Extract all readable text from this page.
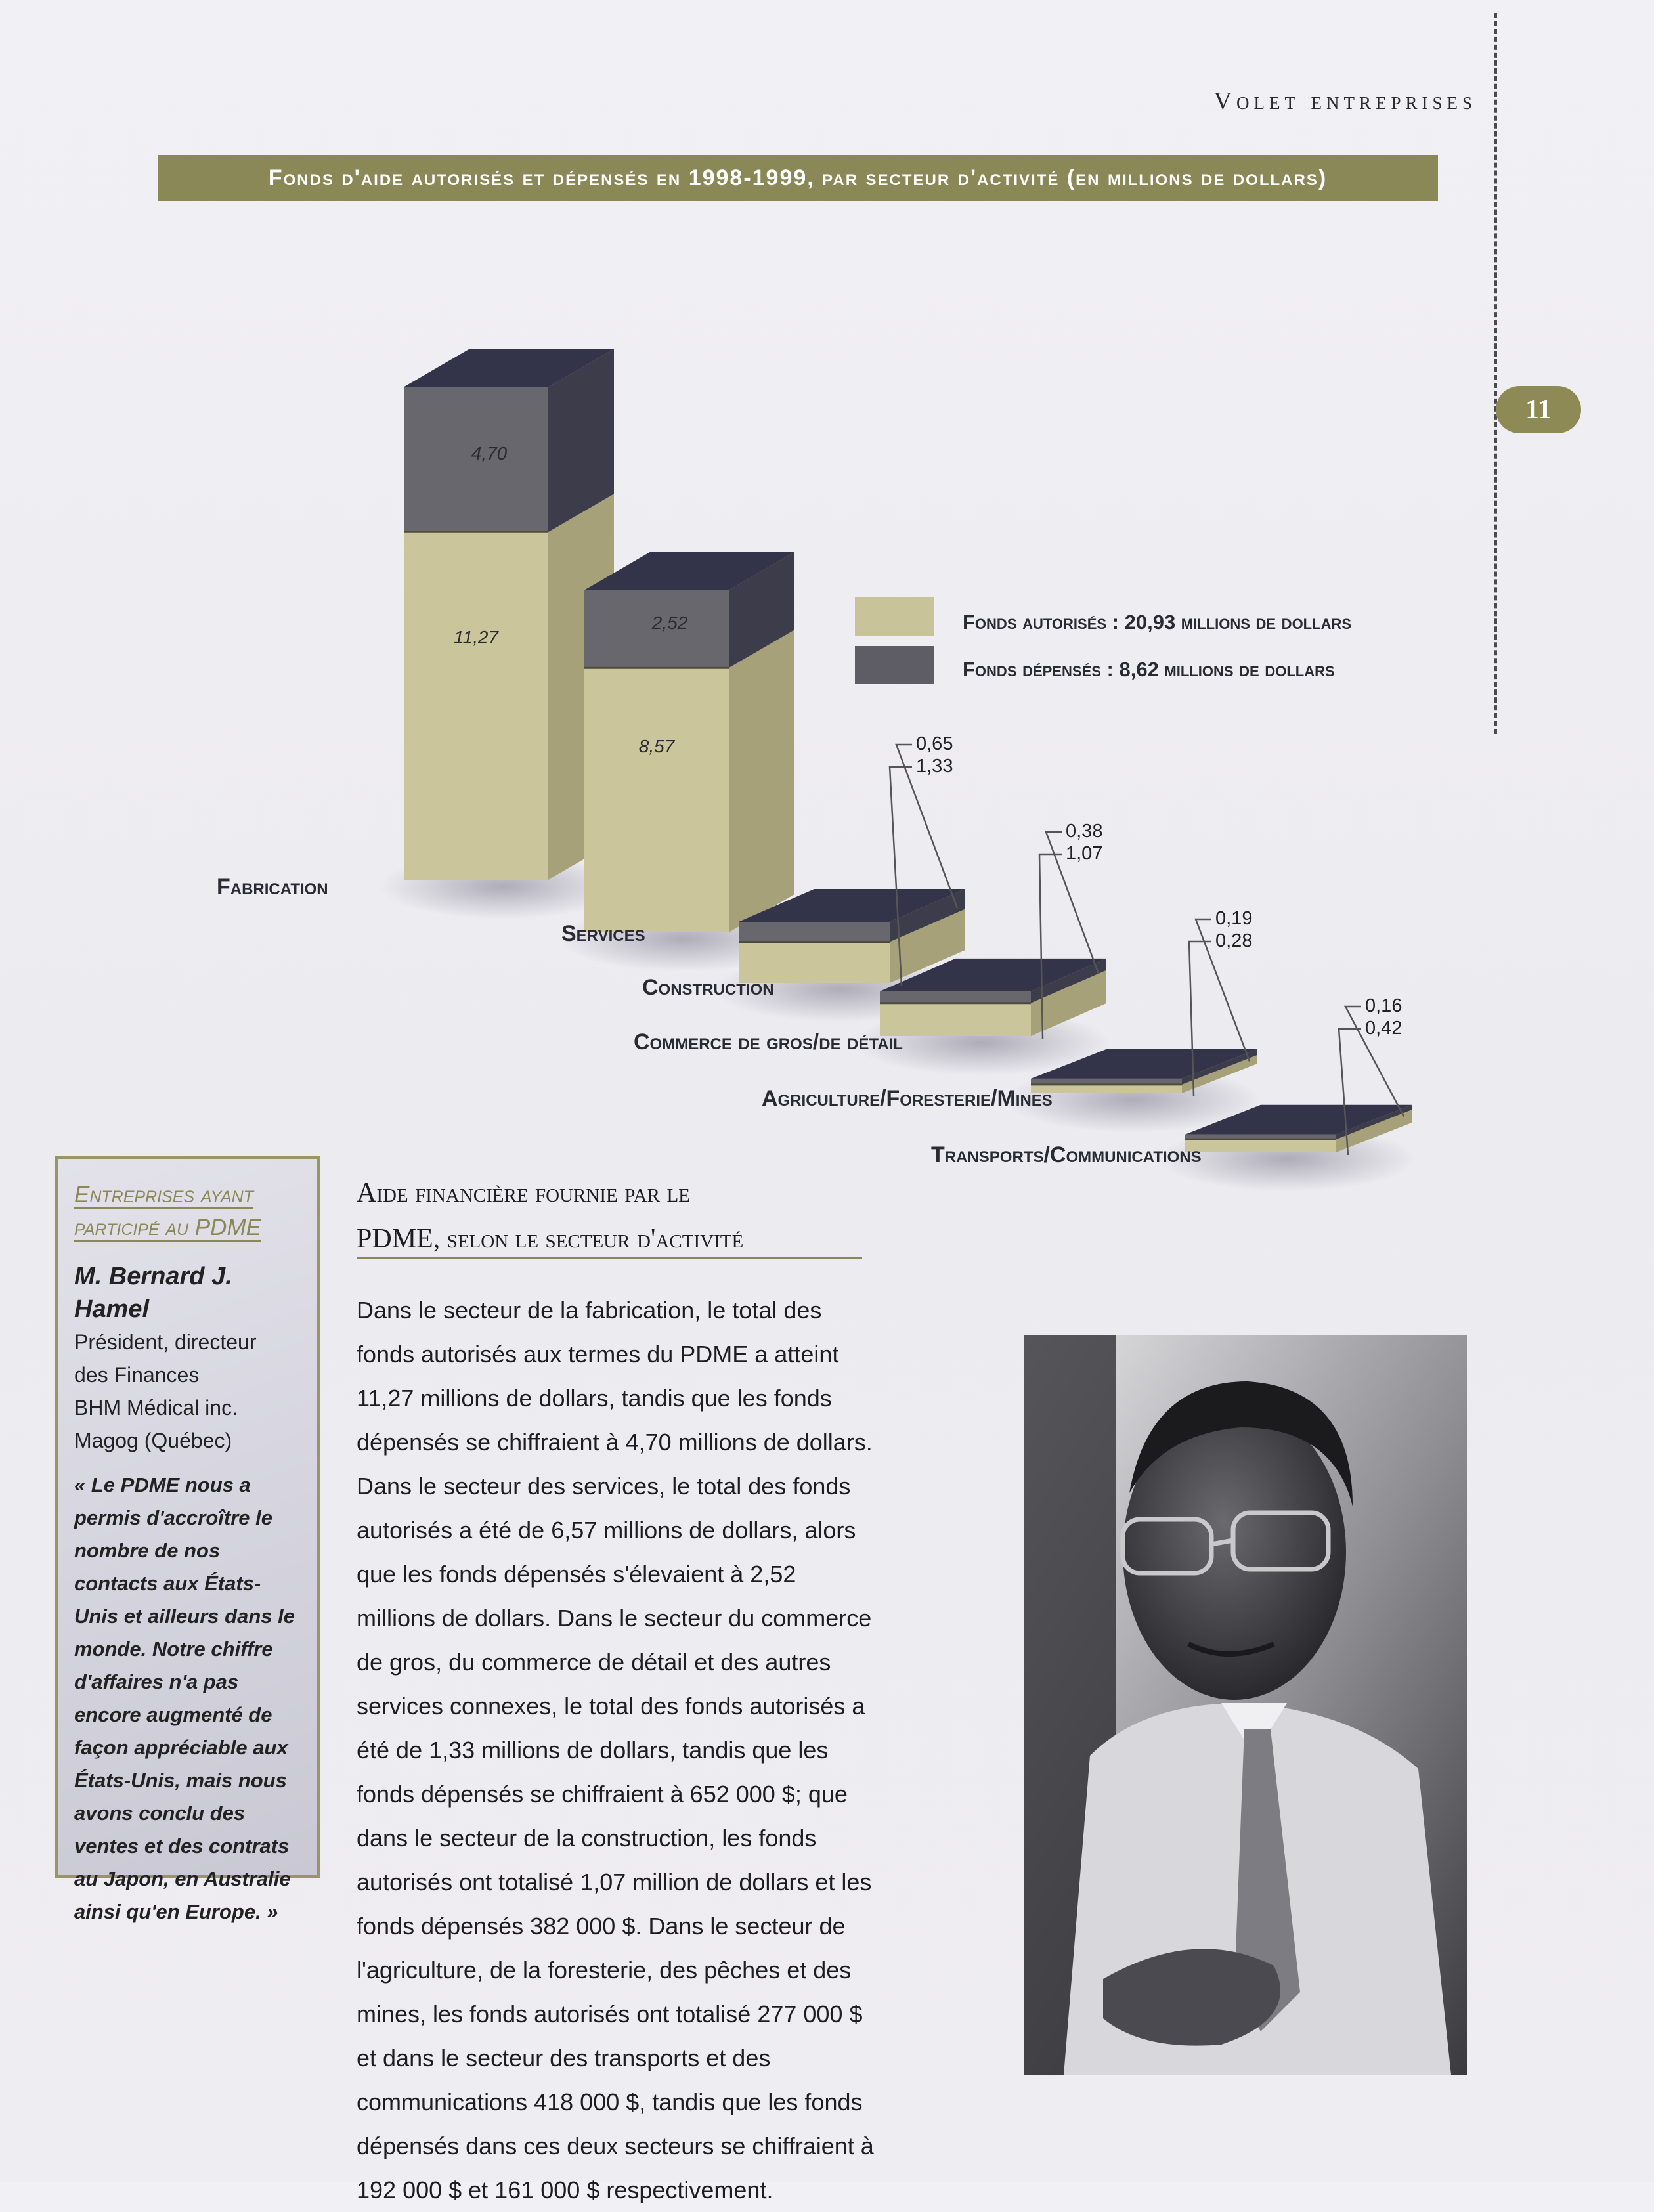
Volet entreprises
11
Fonds d'aide autorisés et dépensés en 1998-1999, par secteur d'activité (en millions de dollars)
11,27
4,70
Fabrication
8,57
2,52
Services
0,65
1,33
Construction
0,38
1,07
Commerce de gros/de détail
0,19
0,28
Agriculture/Foresterie/Mines
0,16
0,42
Transports/Communications
Fonds autorisés : 20,93 millions de dollars
Fonds dépensés : 8,62 millions de dollars
Entreprises ayant
participé au PDME
M. Bernard J.
Hamel
Président, directeur
des Finances
BHM Médical inc.
Magog (Québec)
« Le PDME nous a permis d'accroître le nombre de nos contacts aux États-Unis et ailleurs dans le monde. Notre chiffre d'affaires n'a pas encore augmenté de façon appréciable aux États-Unis, mais nous avons conclu des ventes et des contrats au Japon, en Australie ainsi qu'en Europe. »
Aide financière fournie par le
PDME, selon le secteur d'activité
Dans le secteur de la fabrication, le total des fonds autorisés aux termes du PDME a atteint 11,27 millions de dollars, tandis que les fonds dépensés se chiffraient à 4,70 millions de dollars. Dans le secteur des services, le total des fonds autorisés a été de 6,57 millions de dollars, alors que les fonds dépensés s'élevaient à 2,52 millions de dollars. Dans le secteur du commerce de gros, du commerce de détail et des autres services connexes, le total des fonds autorisés a été de 1,33 millions de dollars, tandis que les fonds dépensés se chiffraient à 652 000 $; que dans le secteur de la construction, les fonds autorisés ont totalisé 1,07 million de dollars et les fonds dépensés 382 000 $. Dans le secteur de l'agriculture, de la foresterie, des pêches et des mines, les fonds autorisés ont totalisé 277 000 $ et dans le secteur des transports et des communications 418 000 $, tandis que les fonds dépensés dans ces deux secteurs se chiffraient à 192 000 $ et 161 000 $ respectivement.
